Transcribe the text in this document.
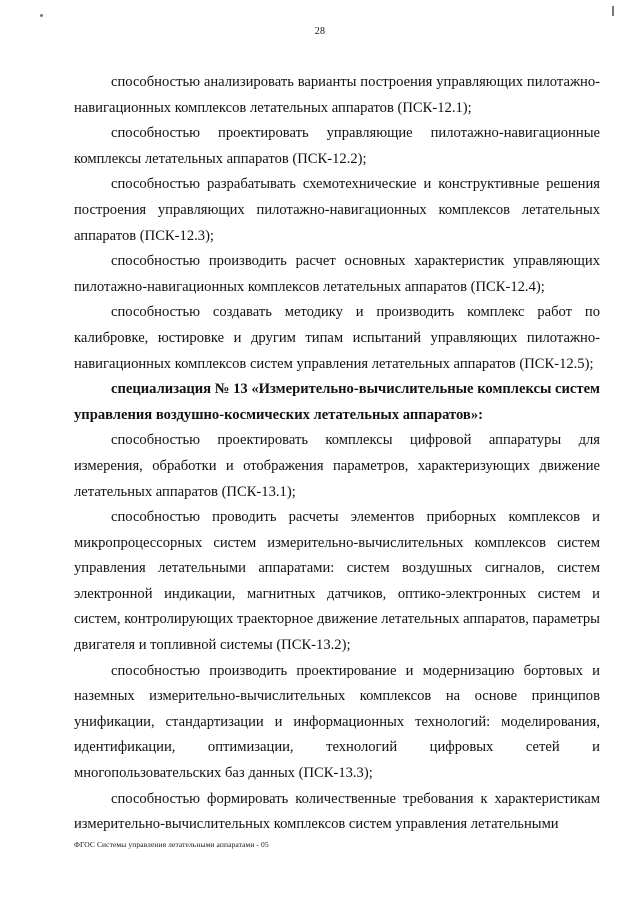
28

способностью анализировать варианты построения управляющих пилотажно-навигационных комплексов летательных аппаратов (ПСК-12.1);

способностью проектировать управляющие пилотажно-навигационные комплексы летательных аппаратов (ПСК-12.2);

способностью разрабатывать схемотехнические и конструктивные решения построения управляющих пилотажно-навигационных комплексов летательных аппаратов (ПСК-12.3);

способностью производить расчет основных характеристик управляющих пилотажно-навигационных комплексов летательных аппаратов (ПСК-12.4);

способностью создавать методику и производить комплекс работ по калибровке, юстировке и другим типам испытаний управляющих пилотажно-навигационных комплексов систем управления летательных аппаратов (ПСК-12.5);

специализация № 13 «Измерительно-вычислительные комплексы систем управления воздушно-космических летательных аппаратов»:

способностью проектировать комплексы цифровой аппаратуры для измерения, обработки и отображения параметров, характеризующих движение летательных аппаратов (ПСК-13.1);

способностью проводить расчеты элементов приборных комплексов и микропроцессорных систем измерительно-вычислительных комплексов систем управления летательными аппаратами: систем воздушных сигналов, систем электронной индикации, магнитных датчиков, оптико-электронных систем и систем, контролирующих траекторное движение летательных аппаратов, параметры двигателя и топливной системы (ПСК-13.2);

способностью производить проектирование и модернизацию бортовых и наземных измерительно-вычислительных комплексов на основе принципов унификации, стандартизации и информационных технологий: моделирования, идентификации, оптимизации, технологий цифровых сетей и многопользовательских баз данных (ПСК-13.3);

способностью формировать количественные требования к характеристикам измерительно-вычислительных комплексов систем управления летательными

ФГОС Системы управления летательными аппаратами - 05
